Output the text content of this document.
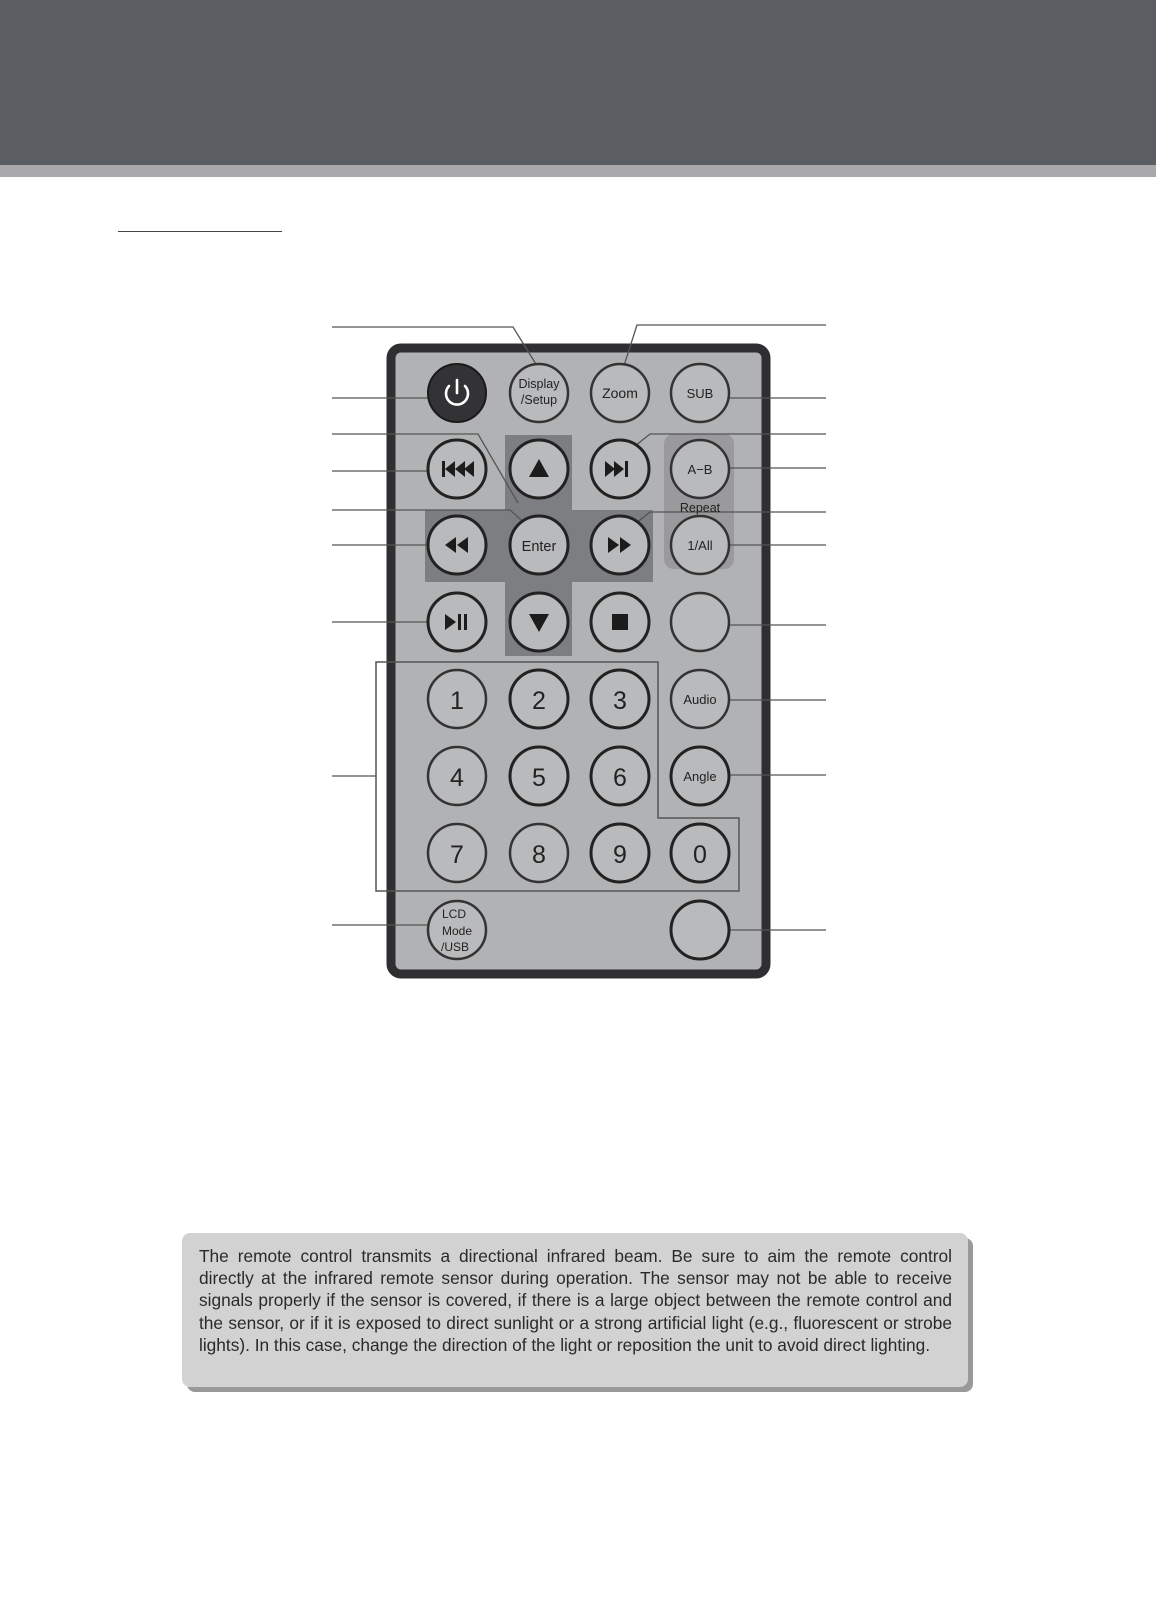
Display
/Setup	Zoom	SUB
A−B
Repeat
Enter	1/All
1	2	3	Audio
4	5	6	Angle
7	8	9	0
LCD
Mode
/USB

The remote control transmits a directional infrared beam. Be sure to aim the remote control directly at the infrared remote sensor during operation. The sensor may not be able to receive signals properly if the sensor is covered, if there is a large object between the remote control and the sensor, or if it is exposed to direct sunlight or a strong artificial light (e.g., fluorescent or strobe lights). In this case, change the direction of the light or reposition the unit to avoid direct lighting.
